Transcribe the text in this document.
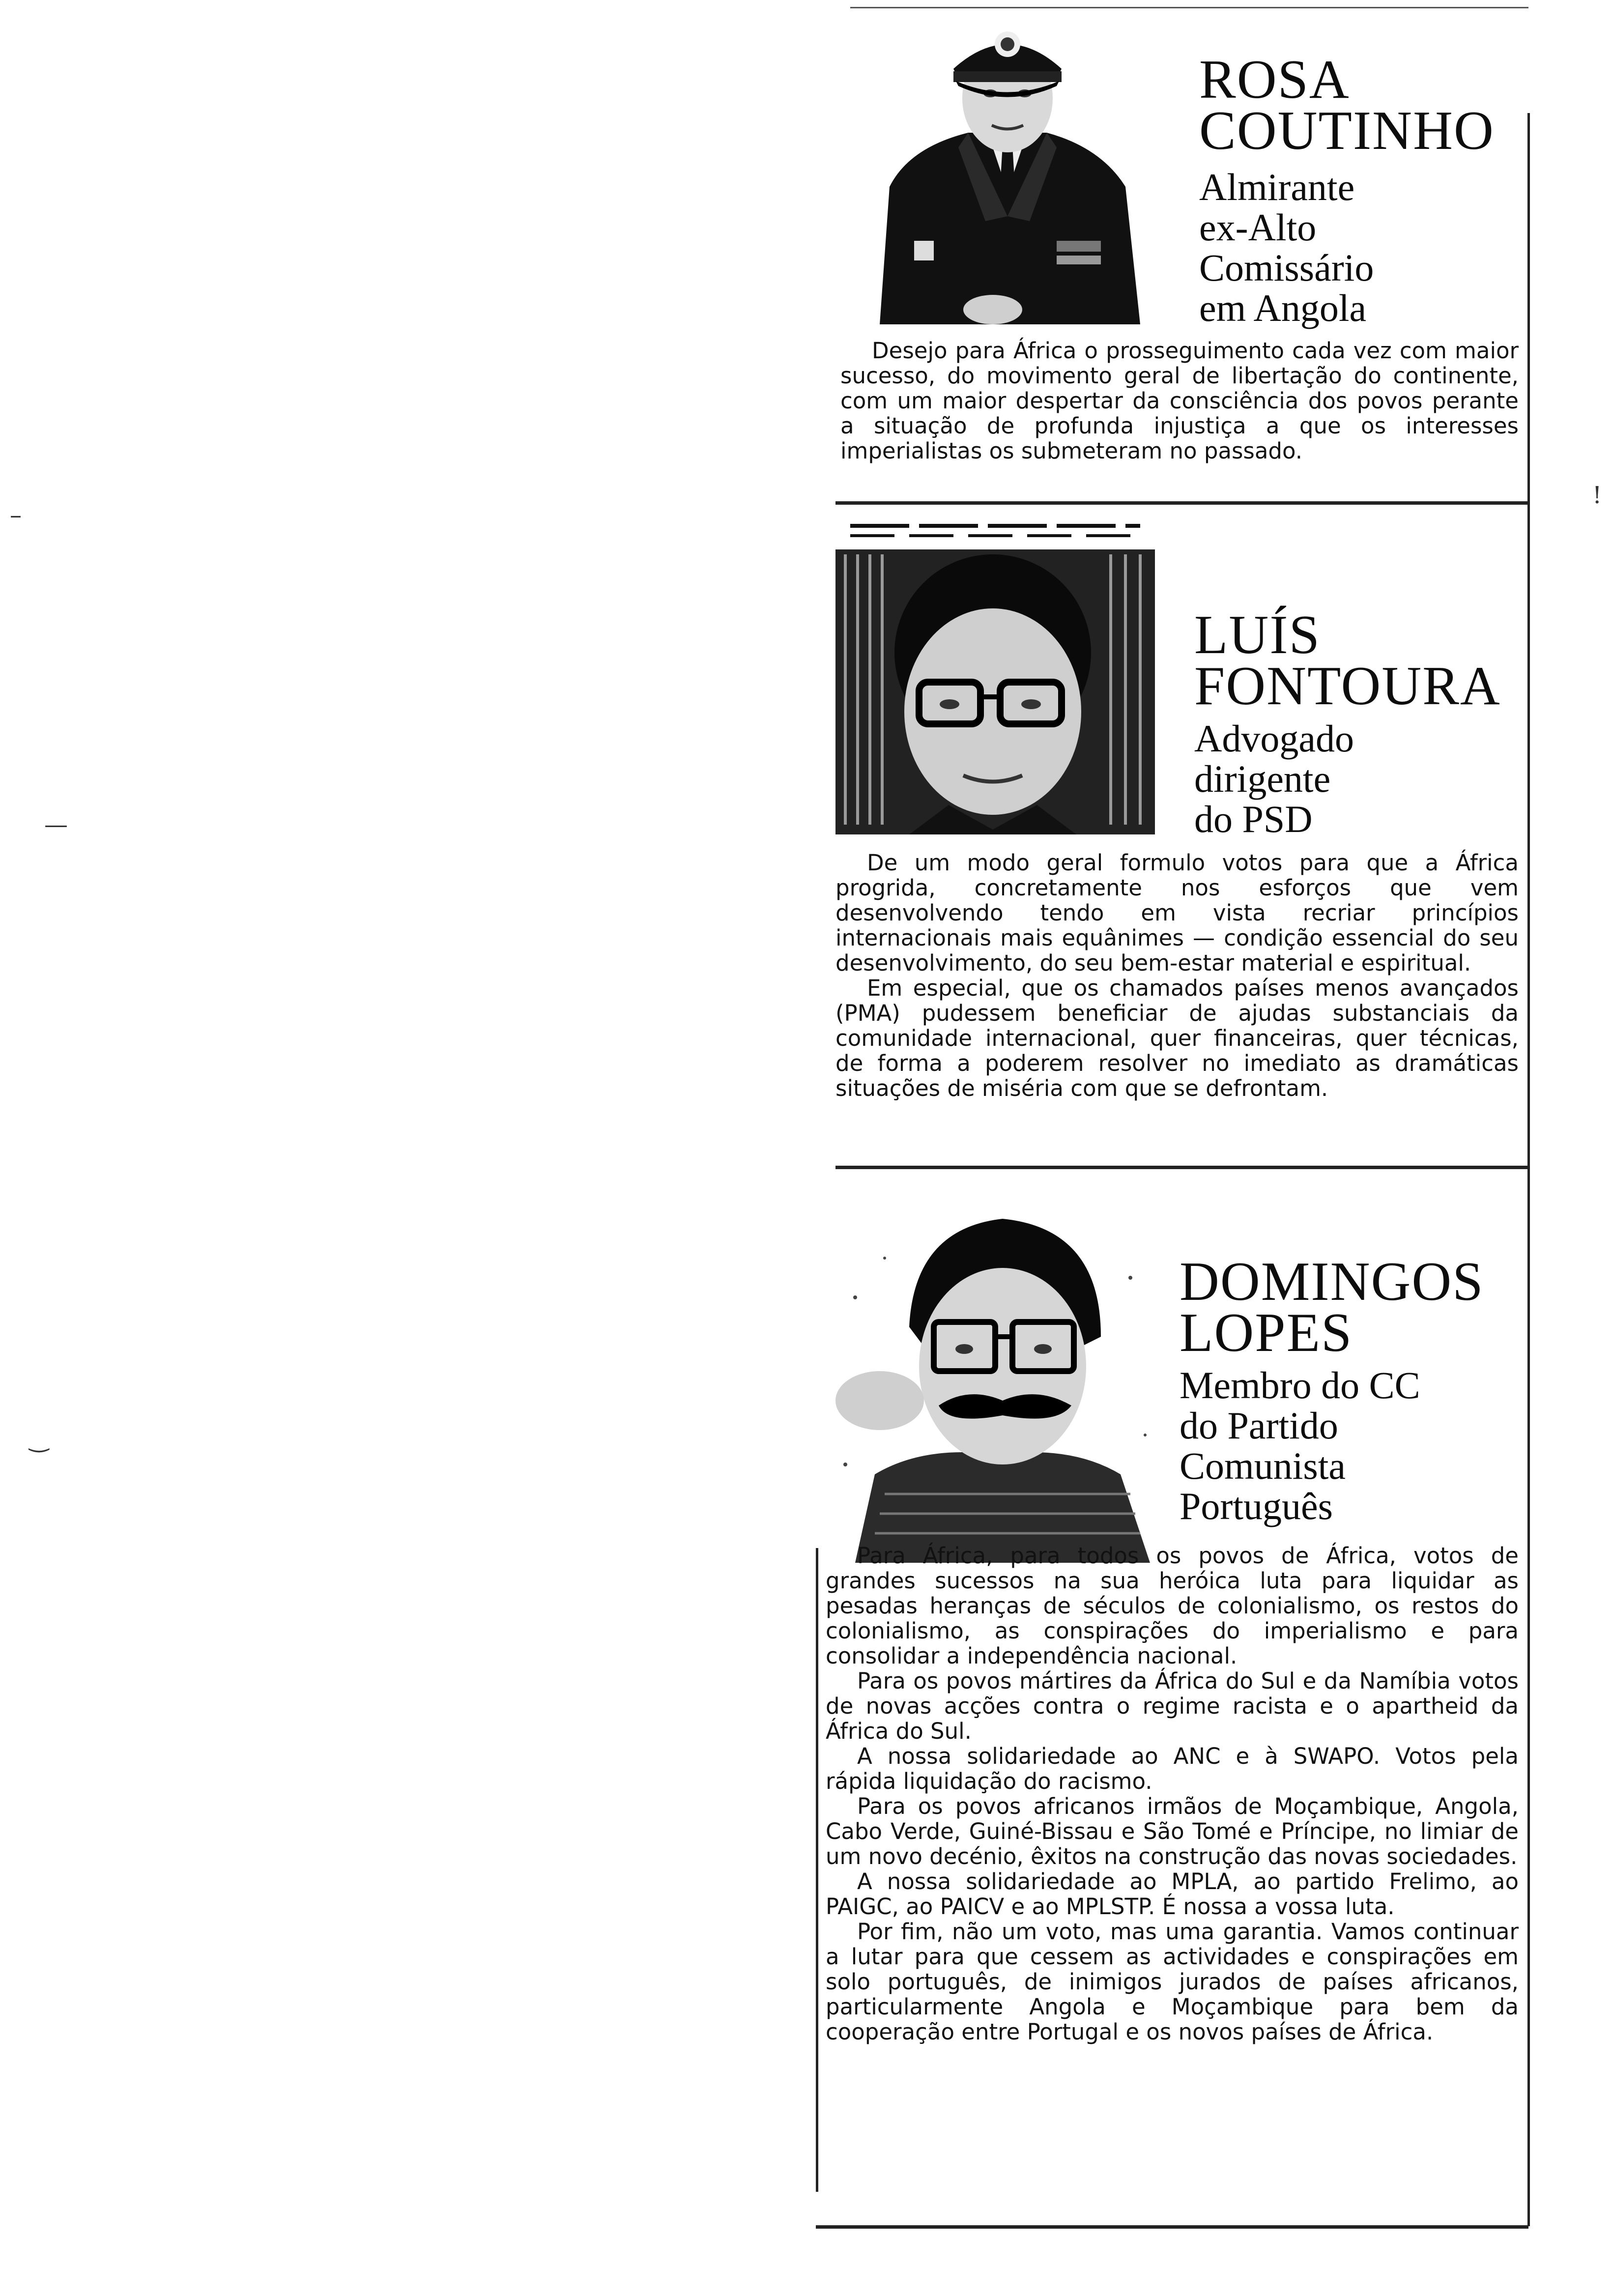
–
—
‿
!
ROSA
COUTINHO
Almirante
ex-Alto
Comissário
em Angola

Desejo para África o prosseguimento cada vez com maior sucesso, do movimento geral de libertação do continente, com um maior despertar da consciência dos povos perante a situação de profunda injustiça a que os interesses imperialistas os submeteram no passado.

LUÍS
FONTOURA
Advogado
dirigente
do PSD

De um modo geral formulo votos para que a África progrida, concretamente nos esforços que vem desenvolvendo tendo em vista recriar princípios internacionais mais equânimes — condição essencial do seu desenvolvimento, do seu bem-estar material e espiritual.

Em especial, que os chamados países menos avançados (PMA) pudessem beneficiar de ajudas substanciais da comunidade internacional, quer financeiras, quer técnicas, de forma a poderem resolver no imediato as dramáticas situações de miséria com que se defrontam.

DOMINGOS
LOPES
Membro do CC
do Partido
Comunista
Português

Para África, para todos os povos de África, votos de grandes sucessos na sua heróica luta para liquidar as pesadas heranças de séculos de colonialismo, os restos do colonialismo, as conspirações do imperialismo e para consolidar a independência nacional.

Para os povos mártires da África do Sul e da Namíbia votos de novas acções contra o regime racista e o apartheid da África do Sul.

A nossa solidariedade ao ANC e à SWAPO. Votos pela rápida liquidação do racismo.

Para os povos africanos irmãos de Moçambique, Angola, Cabo Verde, Guiné-Bissau e São Tomé e Príncipe, no limiar de um novo decénio, êxitos na construção das novas sociedades.

A nossa solidariedade ao MPLA, ao partido Frelimo, ao PAIGC, ao PAICV e ao MPLSTP. É nossa a vossa luta.

Por fim, não um voto, mas uma garantia. Vamos continuar a lutar para que cessem as actividades e conspirações em solo português, de inimigos jurados de países africanos, particularmente Angola e Moçambique para bem da cooperação entre Portugal e os novos países de África.
